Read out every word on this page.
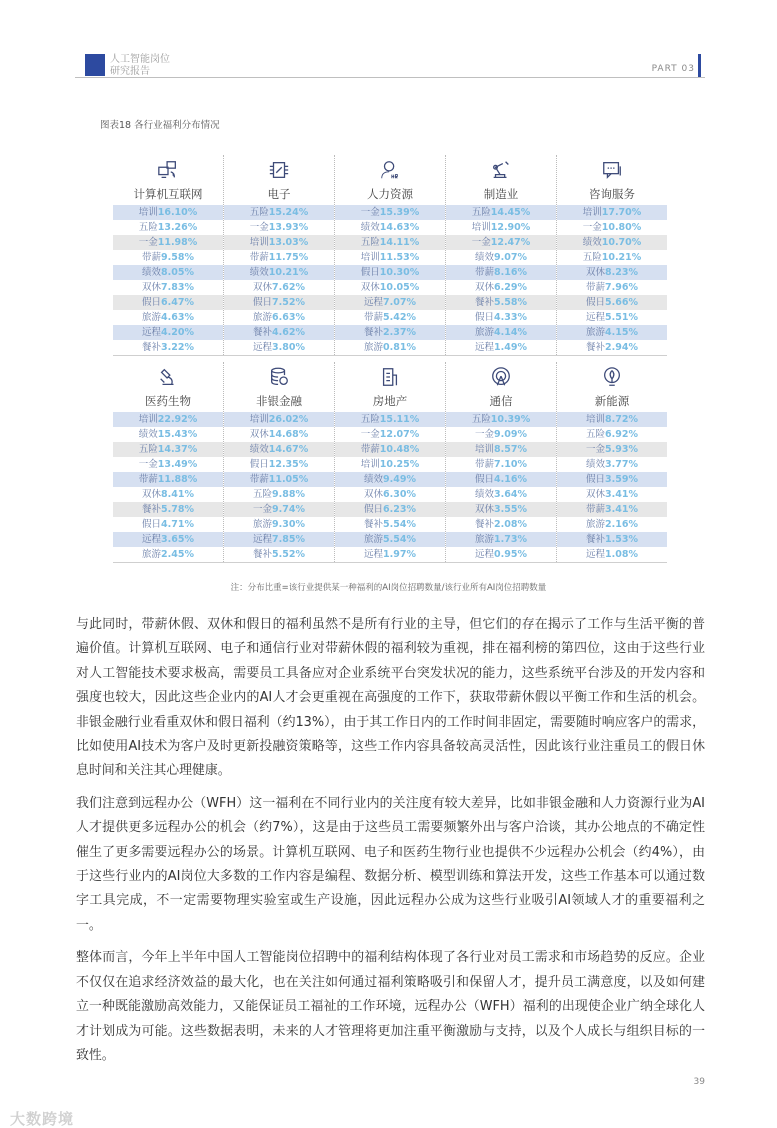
人工智能岗位
研究报告	PART 03
图表18 各行业福利分布情况
计算机互联网
培训16.10%
五险13.26%
一金11.98%
带薪9.58%
绩效8.05%
双休7.83%
假日6.47%
旅游4.63%
远程4.20%
餐补3.22%
电子
五险15.24%
一金13.93%
培训13.03%
带薪11.75%
绩效10.21%
双休7.62%
假日7.52%
旅游6.63%
餐补4.62%
远程3.80%
人力资源
一金15.39%
绩效14.63%
五险14.11%
培训11.53%
假日10.30%
双休10.05%
远程7.07%
带薪5.42%
餐补2.37%
旅游0.81%
制造业
五险14.45%
培训12.90%
一金12.47%
绩效9.07%
带薪8.16%
双休6.29%
餐补5.58%
假日4.33%
旅游4.14%
远程1.49%
咨询服务
培训17.70%
一金10.80%
绩效10.70%
五险10.21%
双休8.23%
带薪7.96%
假日5.66%
远程5.51%
旅游4.15%
餐补2.94%
医药生物
培训22.92%
绩效15.43%
五险14.37%
一金13.49%
带薪11.88%
双休8.41%
餐补5.78%
假日4.71%
远程3.65%
旅游2.45%
非银金融
培训26.02%
双休14.68%
绩效14.67%
假日12.35%
带薪11.05%
五险9.88%
一金9.74%
旅游9.30%
远程7.85%
餐补5.52%
房地产
五险15.11%
一金12.07%
带薪10.48%
培训10.25%
绩效9.49%
双休6.30%
假日6.23%
餐补5.54%
旅游5.54%
远程1.97%
通信
五险10.39%
一金9.09%
培训8.57%
带薪7.10%
假日4.16%
绩效3.64%
双休3.55%
餐补2.08%
旅游1.73%
远程0.95%
新能源
培训8.72%
五险6.92%
一金5.93%
绩效3.77%
假日3.59%
双休3.41%
带薪3.41%
旅游2.16%
餐补1.53%
远程1.08%
注：分布比重=该行业提供某一种福利的AI岗位招聘数量/该行业所有AI岗位招聘数量

与此同时，带薪休假、双休和假日的福利虽然不是所有行业的主导，但它们的存在揭示了工作与生活平衡的普遍价值。计算机互联网、电子和通信行业对带薪休假的福利较为重视，排在福利榜的第四位，这由于这些行业对人工智能技术要求极高，需要员工具备应对企业系统平台突发状况的能力，这些系统平台涉及的开发内容和强度也较大，因此这些企业内的AI人才会更重视在高强度的工作下，获取带薪休假以平衡工作和生活的机会。非银金融行业看重双休和假日福利（约13%），由于其工作日内的工作时间非固定，需要随时响应客户的需求，比如使用AI技术为客户及时更新投融资策略等，这些工作内容具备较高灵活性，因此该行业注重员工的假日休息时间和关注其心理健康。

我们注意到远程办公（WFH）这一福利在不同行业内的关注度有较大差异，比如非银金融和人力资源行业为AI人才提供更多远程办公的机会（约7%），这是由于这些员工需要频繁外出与客户洽谈，其办公地点的不确定性催生了更多需要远程办公的场景。计算机互联网、电子和医药生物行业也提供不少远程办公机会（约4%），由于这些行业内的AI岗位大多数的工作内容是编程、数据分析、模型训练和算法开发，这些工作基本可以通过数字工具完成，不一定需要物理实验室或生产设施，因此远程办公成为这些行业吸引AI领域人才的重要福利之一。

整体而言，今年上半年中国人工智能岗位招聘中的福利结构体现了各行业对员工需求和市场趋势的反应。企业不仅仅在追求经济效益的最大化，也在关注如何通过福利策略吸引和保留人才，提升员工满意度，以及如何建立一种既能激励高效能力，又能保证员工福祉的工作环境，远程办公（WFH）福利的出现使企业广纳全球化人才计划成为可能。这些数据表明，未来的人才管理将更加注重平衡激励与支持，以及个人成长与组织目标的一致性。

39
大数跨境
